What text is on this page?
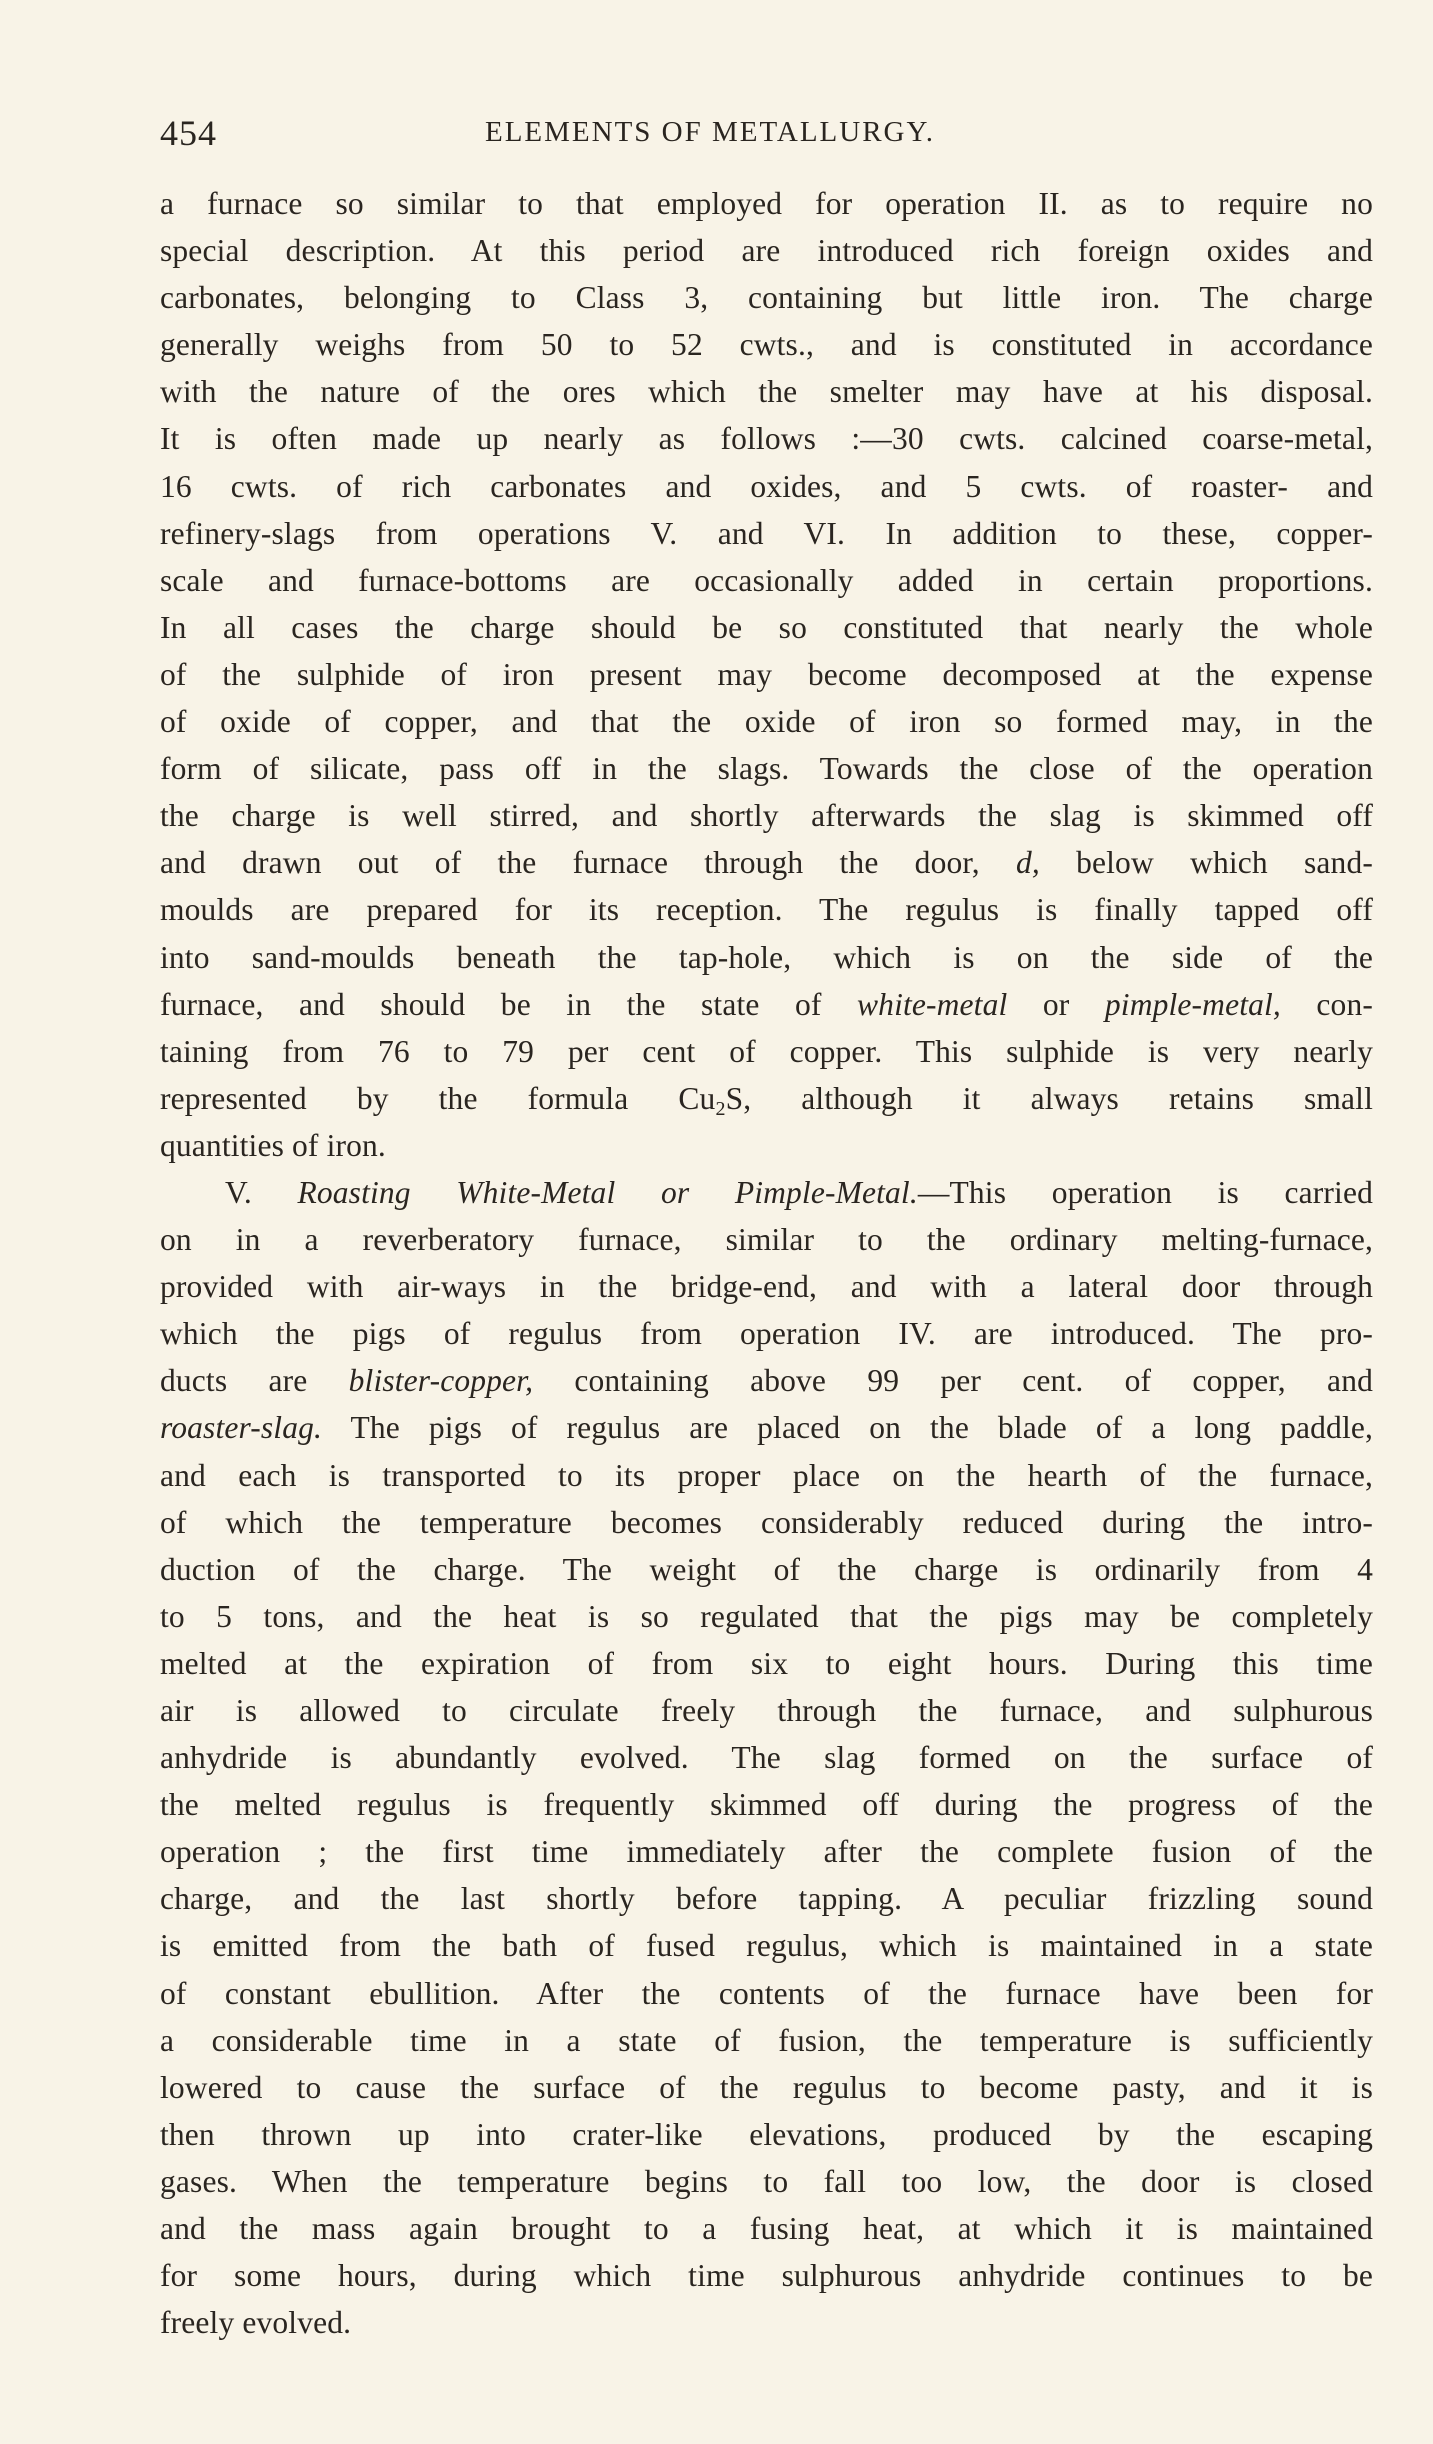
454	ELEMENTS OF METALLURGY.
a furnace so similar to that employed for operation II. as to require no
special description. At this period are introduced rich foreign oxides and
carbonates, belonging to Class 3, containing but little iron. The charge
generally weighs from 50 to 52 cwts., and is constituted in accordance
with the nature of the ores which the smelter may have at his disposal.
It is often made up nearly as follows :—30 cwts. calcined coarse-metal,
16 cwts. of rich carbonates and oxides, and 5 cwts. of roaster- and
refinery-slags from operations V. and VI. In addition to these, copper-
scale and furnace-bottoms are occasionally added in certain proportions.
In all cases the charge should be so constituted that nearly the whole
of the sulphide of iron present may become decomposed at the expense
of oxide of copper, and that the oxide of iron so formed may, in the
form of silicate, pass off in the slags. Towards the close of the operation
the charge is well stirred, and shortly afterwards the slag is skimmed off
and drawn out of the furnace through the door, d, below which sand-
moulds are prepared for its reception. The regulus is finally tapped off
into sand-moulds beneath the tap-hole, which is on the side of the
furnace, and should be in the state of white-metal or pimple-metal, con-
taining from 76 to 79 per cent of copper. This sulphide is very nearly
represented by the formula $Cu_2S$, although it always retains small
quantities of iron.
V. Roasting White-Metal or Pimple-Metal.—This operation is carried
on in a reverberatory furnace, similar to the ordinary melting-furnace,
provided with air-ways in the bridge-end, and with a lateral door through
which the pigs of regulus from operation IV. are introduced. The pro-
ducts are blister-copper, containing above 99 per cent. of copper, and
roaster-slag. The pigs of regulus are placed on the blade of a long paddle,
and each is transported to its proper place on the hearth of the furnace,
of which the temperature becomes considerably reduced during the intro-
duction of the charge. The weight of the charge is ordinarily from 4
to 5 tons, and the heat is so regulated that the pigs may be completely
melted at the expiration of from six to eight hours. During this time
air is allowed to circulate freely through the furnace, and sulphurous
anhydride is abundantly evolved. The slag formed on the surface of
the melted regulus is frequently skimmed off during the progress of the
operation ; the first time immediately after the complete fusion of the
charge, and the last shortly before tapping. A peculiar frizzling sound
is emitted from the bath of fused regulus, which is maintained in a state
of constant ebullition. After the contents of the furnace have been for
a considerable time in a state of fusion, the temperature is sufficiently
lowered to cause the surface of the regulus to become pasty, and it is
then thrown up into crater-like elevations, produced by the escaping
gases. When the temperature begins to fall too low, the door is closed
and the mass again brought to a fusing heat, at which it is maintained
for some hours, during which time sulphurous anhydride continues to be
freely evolved.
